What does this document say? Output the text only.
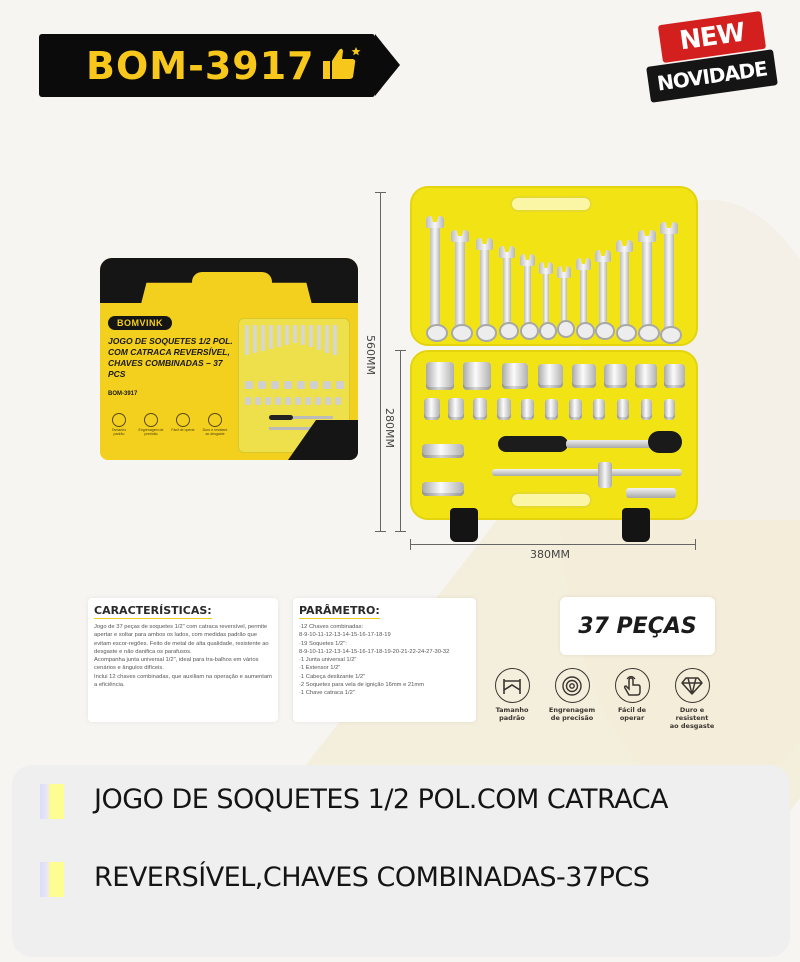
BOM-3917
NEW
NOVIDADE
BOMVINK
JOGO DE SOQUETES 1/2 POL. COM CATRACA REVERSÍVEL, CHAVES COMBINADAS – 37 PCS
BOM-3917
Tamanho padrão
Engrenagem de precisão
Fácil de operar	Duro e resistent ao desgaste
560MM
280MM
380MM
CARACTERÍSTICAS:

Jogo de 37 peças de soquetes 1/2" com catraca reversível, permite apertar e soltar para ambos os lados, com medidas padrão que evitam escor-regões. Feito de metal de alta qualidade, resistente ao desgaste e não danifica os parafusos.

Acompanha junta universal 1/2", ideal para tra-balhos em vários cenários e ângulos difíceis.

Inclui 12 chaves combinadas, que auxiliam na operação e aumentam a eficiência.

PARÂMETRO:
·12 Chaves combinadas:
8-9-10-11-12-13-14-15-16-17-18-19
·19 Soquetes 1/2":
8-9-10-11-12-13-14-15-16-17-18-19-20-21-22-24-27-30-32
·1 Junta universal 1/2"
·1 Extensor 1/2"
·1 Cabeça deslizante 1/2"
·2 Soquetes para vela de ignição 16mm e 21mm
·1 Chave catraca 1/2"
37 PEÇAS
Tamanho
padrão
Engrenagem
de precisão
Fácil de
operar
Duro e resistent
ao desgaste
JOGO DE SOQUETES 1/2 POL.COM CATRACA
REVERSÍVEL,CHAVES COMBINADAS-37PCS
